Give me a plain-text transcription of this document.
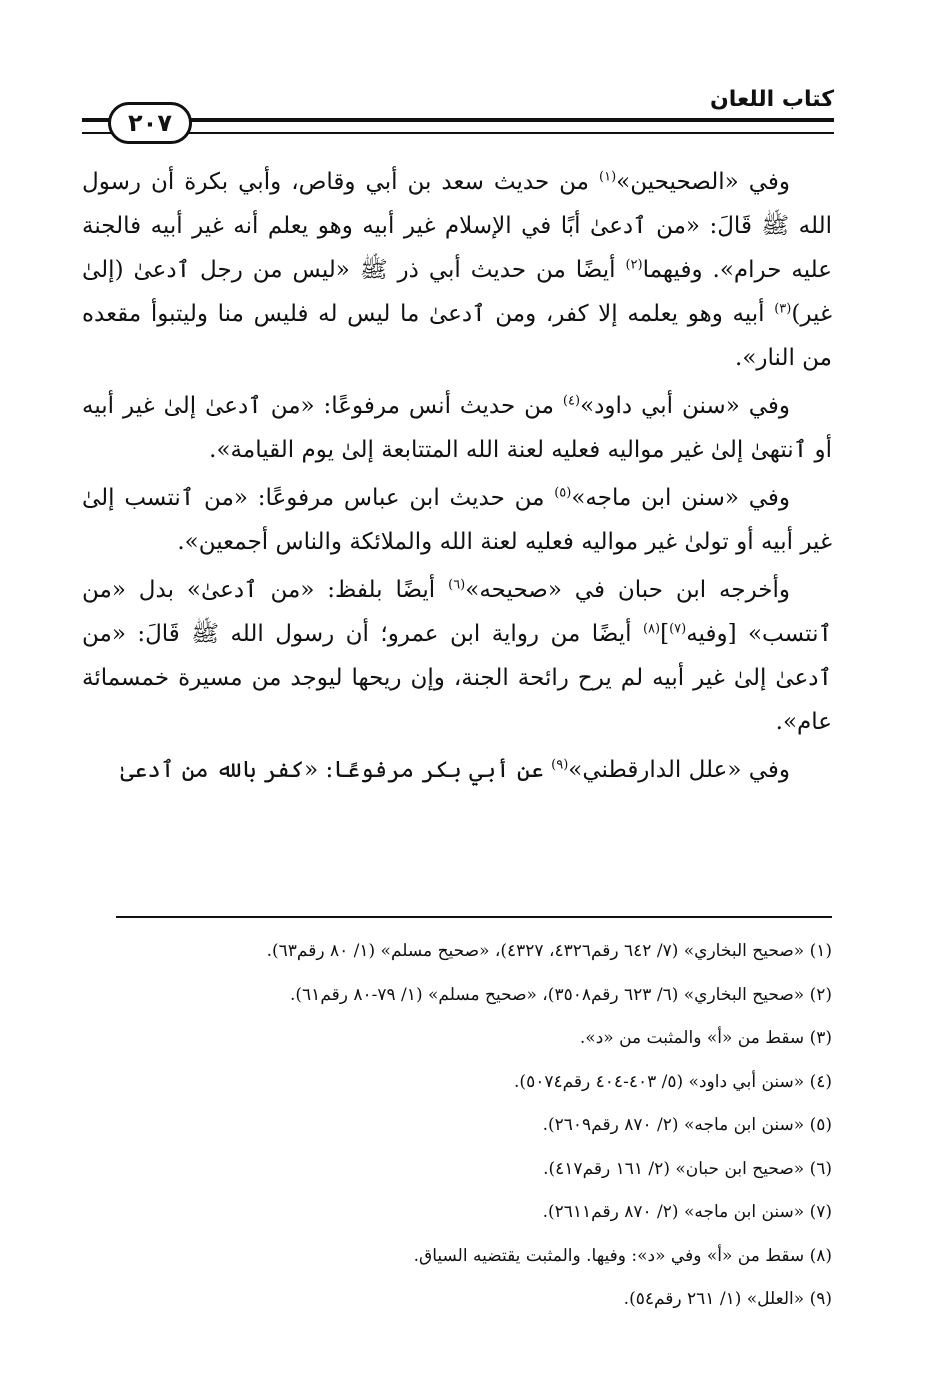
٢٠٧
كتاب اللعان

وفي «الصحيحين»$^{(١)}$ من حديث سعد بن أبي وقاص، وأبي بكرة أن رسول الله ﷺ قَالَ: «من ٱدعىٰ أبًا في الإسلام غير أبيه وهو يعلم أنه غير أبيه فالجنة عليه حرام». وفيهما$^{(٢)}$ أيضًا من حديث أبي ذر ﷺ «ليس من رجل ٱدعىٰ (إلىٰ غير)$^{(٣)}$ أبيه وهو يعلمه إلا كفر، ومن ٱدعىٰ ما ليس له فليس منا وليتبوأ مقعده من النار».

وفي «سنن أبي داود»$^{(٤)}$ من حديث أنس مرفوعًا: «من ٱدعىٰ إلىٰ غير أبيه أو ٱنتهىٰ إلىٰ غير مواليه فعليه لعنة الله المتتابعة إلىٰ يوم القيامة».

وفي «سنن ابن ماجه»$^{(٥)}$ من حديث ابن عباس مرفوعًا: «من ٱنتسب إلىٰ غير أبيه أو تولىٰ غير مواليه فعليه لعنة الله والملائكة والناس أجمعين».

وأخرجه ابن حبان في «صحيحه»$^{(٦)}$ أيضًا بلفظ: «من ٱدعىٰ» بدل «من ٱنتسب» [وفيه$^{(٧)}$]$^{(٨)}$ أيضًا من رواية ابن عمرو؛ أن رسول الله ﷺ قَالَ: «من ٱدعىٰ إلىٰ غير أبيه لم يرح رائحة الجنة، وإن ريحها ليوجد من مسيرة خمسمائة عام».

وفي «علل الدارقطني»$^{(٩)}$ عن أبي بكر مرفوعًا: «كفر بالله من ٱدعىٰ

(١) «صحيح البخاري» (٧/ ٦٤٢ رقم٤٣٢٦، ٤٣٢٧)، «صحيح مسلم» (١/ ٨٠ رقم٦٣).

(٢) «صحيح البخاري» (٦/ ٦٢٣ رقم٣٥٠٨)، «صحيح مسلم» (١/ ٧٩-٨٠ رقم٦١).

(٣) سقط من «أ» والمثبت من «د».

(٤) «سنن أبي داود» (٥/ ٤٠٣-٤٠٤ رقم٥٠٧٤).

(٥) «سنن ابن ماجه» (٢/ ٨٧٠ رقم٢٦٠٩).

(٦) «صحيح ابن حبان» (٢/ ١٦١ رقم٤١٧).

(٧) «سنن ابن ماجه» (٢/ ٨٧٠ رقم٢٦١١).

(٨) سقط من «أ» وفي «د»: وفيها. والمثبت يقتضيه السياق.

(٩) «العلل» (١/ ٢٦١ رقم٥٤).
